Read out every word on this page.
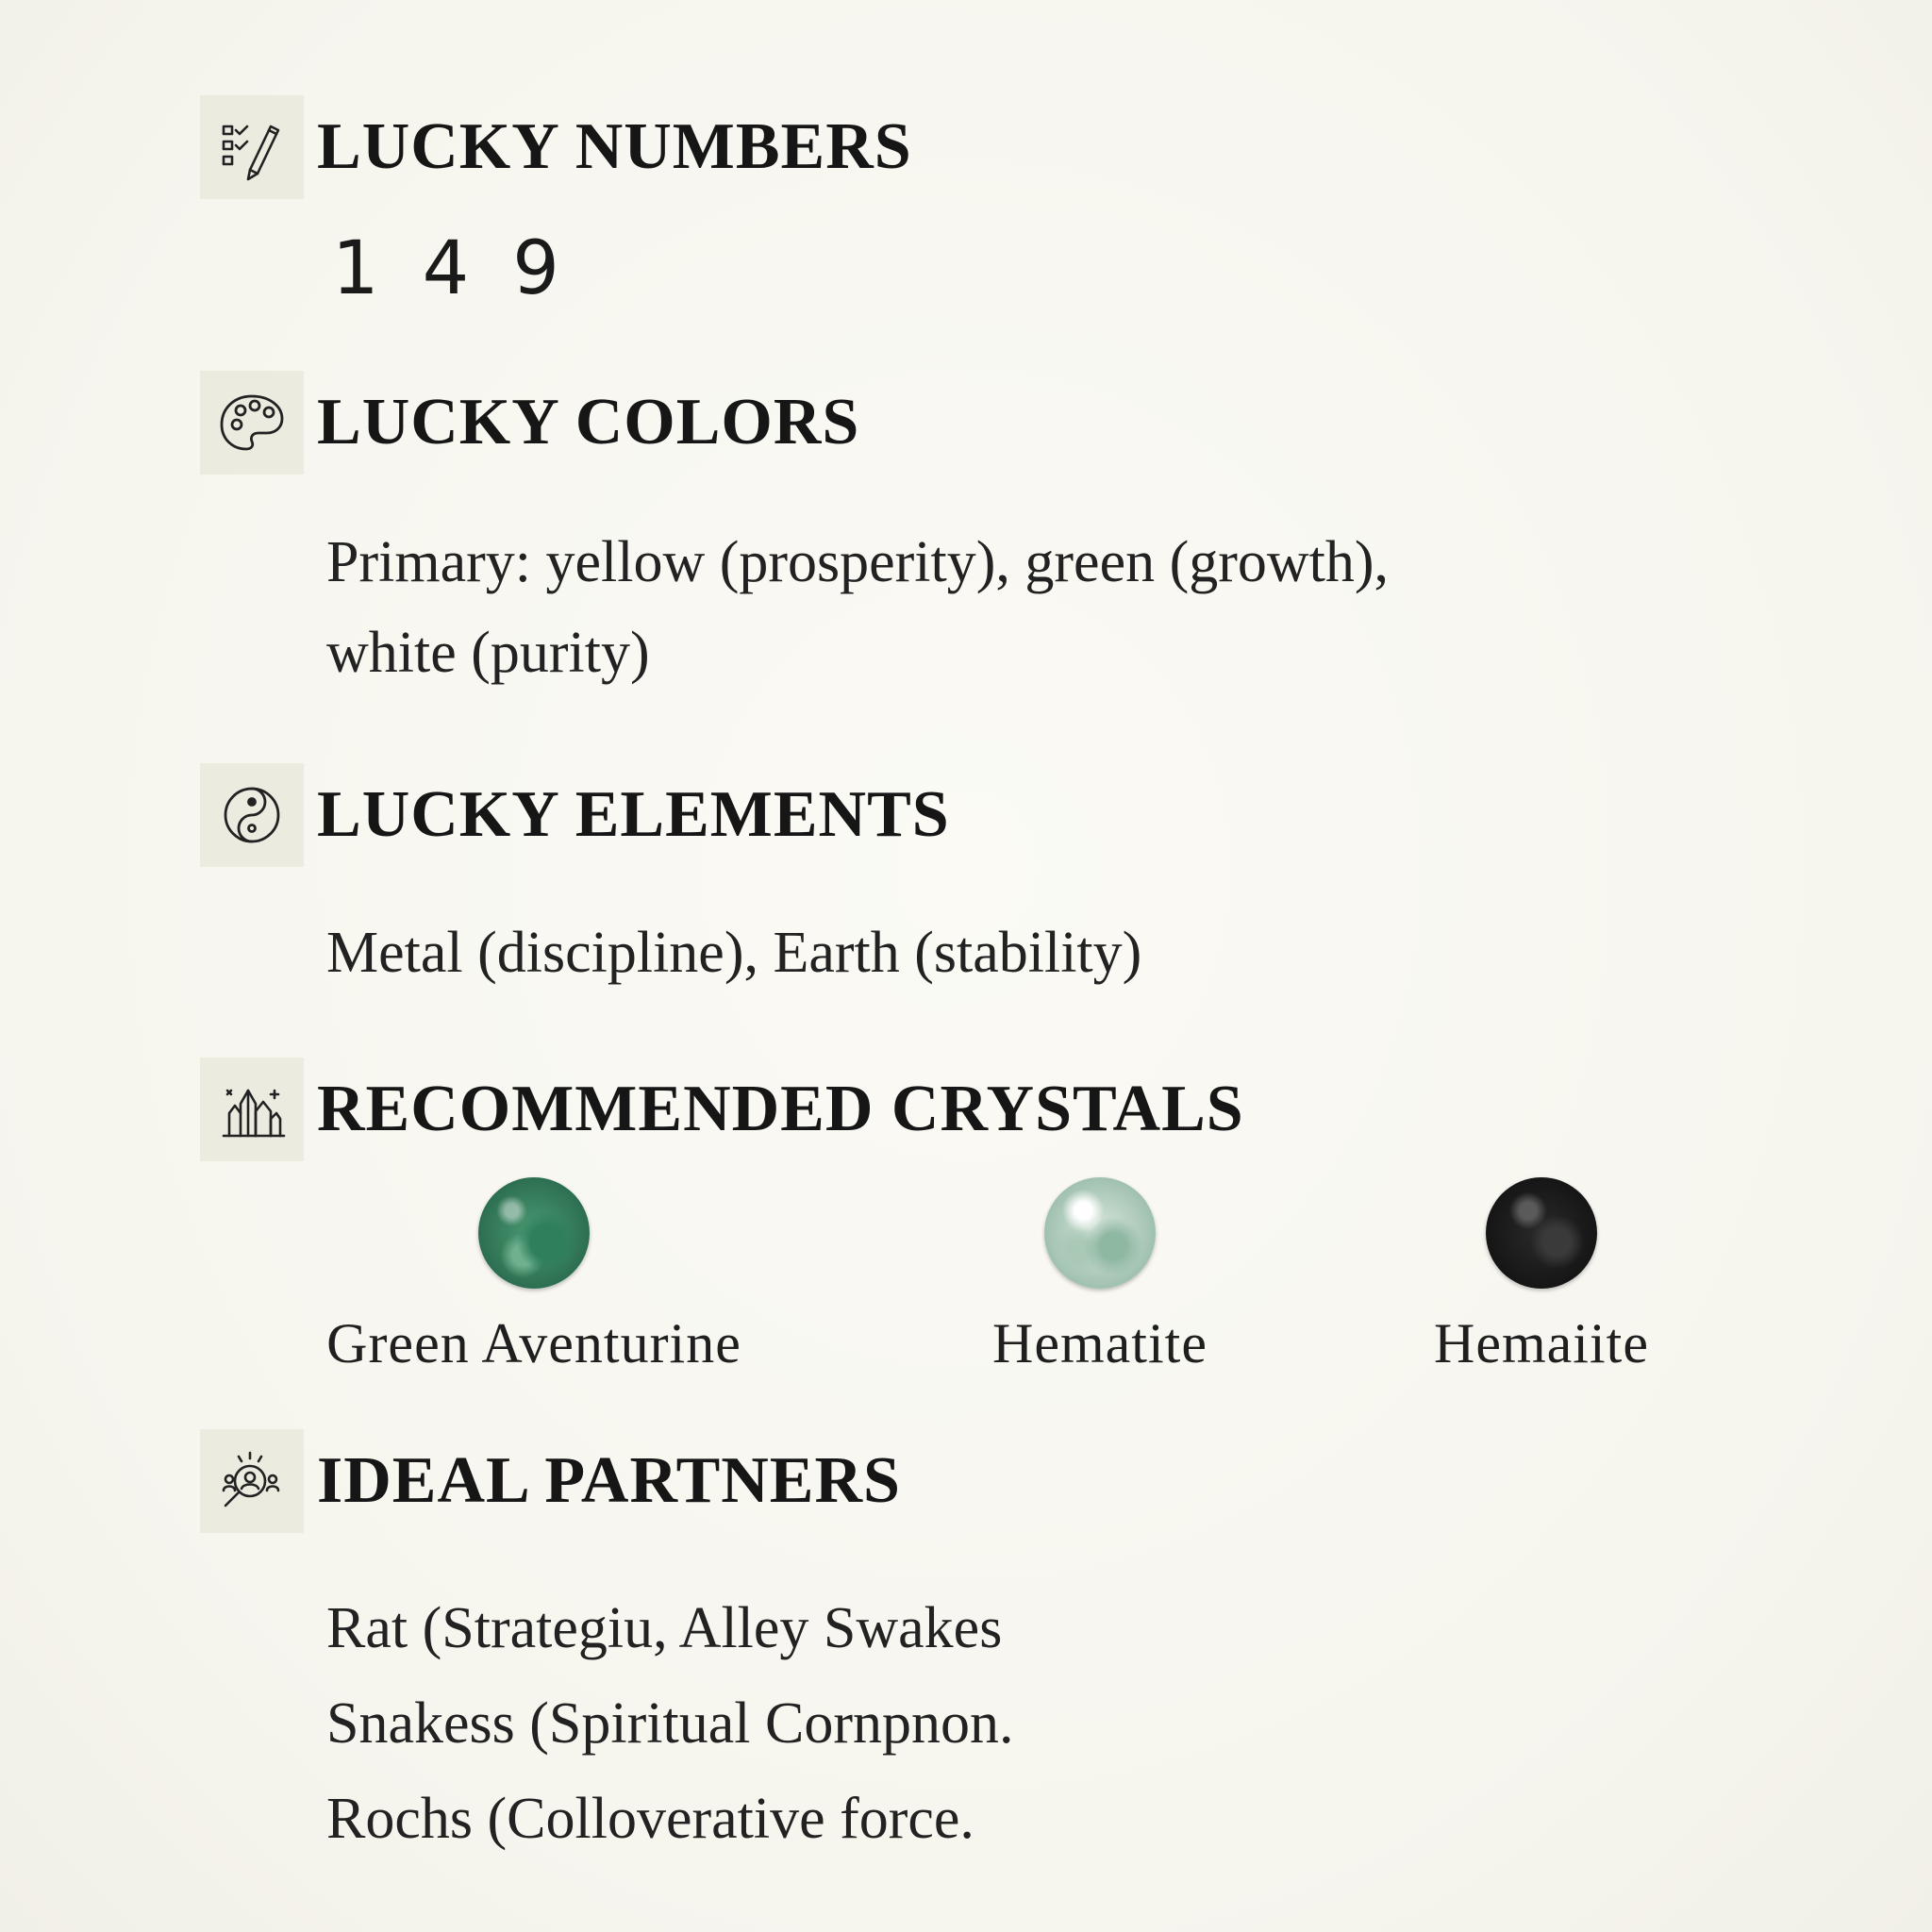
LUCKY NUMBERS
1 4 9
LUCKY COLORS
Primary: yellow (prosperity), green (growth),
white (purity)
LUCKY ELEMENTS
Metal (discipline), Earth (stability)
RECOMMENDED CRYSTALS
Green Aventurine	Hematite	Hemaiite
IDEAL PARTNERS
Rat (Strategiu, Alley Swakes
Snakess (Spiritual Cornpnon.
Rochs (Colloverative force.
